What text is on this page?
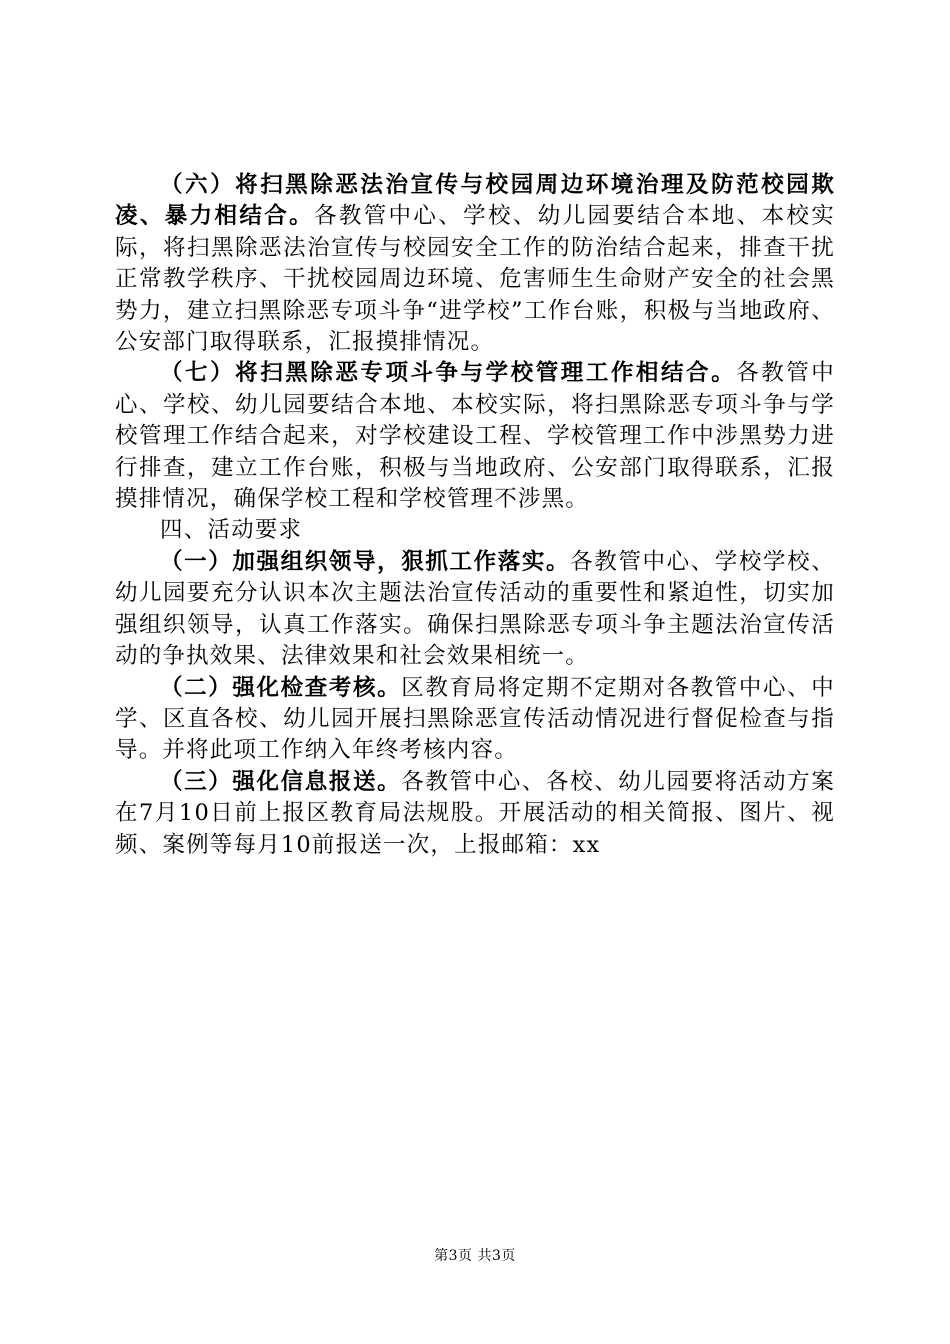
（六）将扫黑除恶法治宣传与校园周边环境治理及防范校园欺凌、暴力相结合。各教管中心、学校、幼儿园要结合本地、本校实际，将扫黑除恶法治宣传与校园安全工作的防治结合起来，排查干扰正常教学秩序、干扰校园周边环境、危害师生生命财产安全的社会黑势力，建立扫黑除恶专项斗争“进学校”工作台账，积极与当地政府、公安部门取得联系，汇报摸排情况。

（七）将扫黑除恶专项斗争与学校管理工作相结合。各教管中心、学校、幼儿园要结合本地、本校实际，将扫黑除恶专项斗争与学校管理工作结合起来，对学校建设工程、学校管理工作中涉黑势力进行排查，建立工作台账，积极与当地政府、公安部门取得联系，汇报摸排情况，确保学校工程和学校管理不涉黑。

四、活动要求

（一）加强组织领导，狠抓工作落实。各教管中心、学校学校、幼儿园要充分认识本次主题法治宣传活动的重要性和紧迫性，切实加强组织领导，认真工作落实。确保扫黑除恶专项斗争主题法治宣传活动的争执效果、法律效果和社会效果相统一。

（二）强化检查考核。区教育局将定期不定期对各教管中心、中学、区直各校、幼儿园开展扫黑除恶宣传活动情况进行督促检查与指导。并将此项工作纳入年终考核内容。

（三）强化信息报送。各教管中心、各校、幼儿园要将活动方案在7月10日前上报区教育局法规股。开展活动的相关简报、图片、视频、案例等每月10前报送一次，上报邮箱：xx

第3页 共3页
